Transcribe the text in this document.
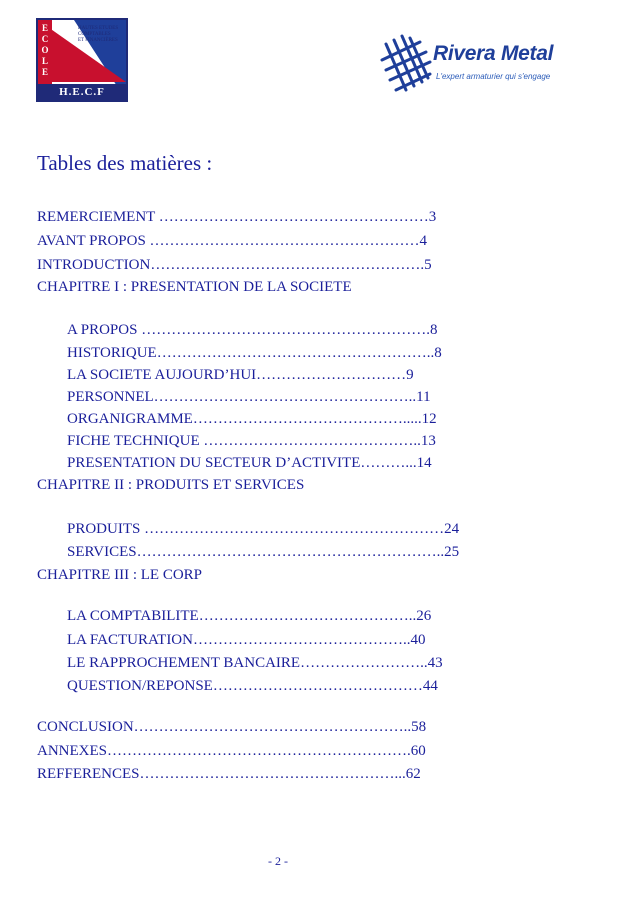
E
C
O
L
E
HAUTES ETUDES
COMPTABLES
ET FINANCIÈRES
H.E.C.F
Rivera Metal
L'expert armaturier qui s'engage
Tables des matières :
REMERCIEMENT ………………………………………………3
AVANT PROPOS ………………………………………………4
INTRODUCTION……………………………………………….5
CHAPITRE I : PRESENTATION DE LA SOCIETE
A PROPOS ………………………………………………….8
HISTORIQUE………………………………………………..8
LA SOCIETE AUJOURD’HUI…………………………9
PERSONNEL……………………………………………..11
ORGANIGRAMME…………………………………….....12
FICHE TECHNIQUE ……………………………………..13
PRESENTATION DU SECTEUR D’ACTIVITE………...14
CHAPITRE II : PRODUITS ET SERVICES
PRODUITS ……………………………………………………24
SERVICES……………………………………………………..25
CHAPITRE III : LE CORP
LA COMPTABILITE……………………………………..26
LA FACTURATION……………………………………..40
LE RAPPROCHEMENT BANCAIRE……………………..43
QUESTION/REPONSE……………………………………44
CONCLUSION………………………………………………..58
ANNEXES…………………………………………………….60
REFFERENCES……………………………………………...62
- 2 -
